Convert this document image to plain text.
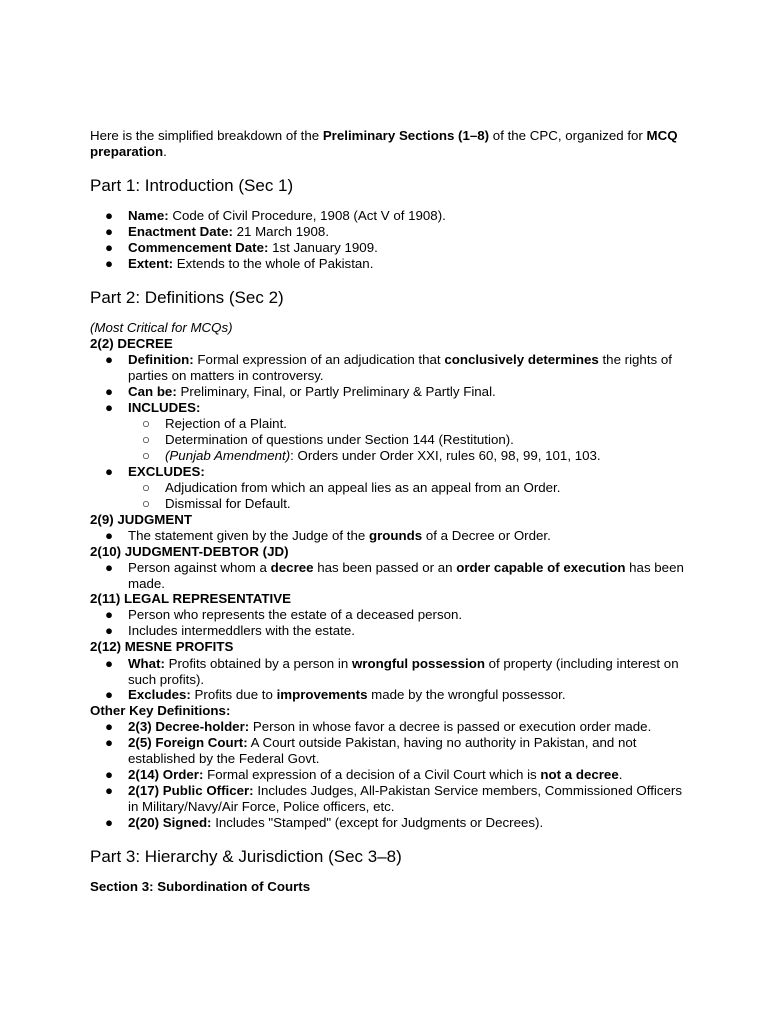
Here is the simplified breakdown of the Preliminary Sections (1–8) of the CPC, organized for MCQ preparation.

Part 1: Introduction (Sec 1)

● Name: Code of Civil Procedure, 1908 (Act V of 1908).

● Enactment Date: 21 March 1908.

● Commencement Date: 1st January 1909.

● Extent: Extends to the whole of Pakistan.

Part 2: Definitions (Sec 2)

(Most Critical for MCQs)

2(2) DECREE

● Definition: Formal expression of an adjudication that conclusively determines the rights of parties on matters in controversy.

● Can be: Preliminary, Final, or Partly Preliminary & Partly Final.

● INCLUDES:

○ Rejection of a Plaint.

○ Determination of questions under Section 144 (Restitution).

○ (Punjab Amendment): Orders under Order XXI, rules 60, 98, 99, 101, 103.

● EXCLUDES:

○ Adjudication from which an appeal lies as an appeal from an Order.

○ Dismissal for Default.

2(9) JUDGMENT

● The statement given by the Judge of the grounds of a Decree or Order.

2(10) JUDGMENT-DEBTOR (JD)

● Person against whom a decree has been passed or an order capable of execution has been made.

2(11) LEGAL REPRESENTATIVE

● Person who represents the estate of a deceased person.

● Includes intermeddlers with the estate.

2(12) MESNE PROFITS

● What: Profits obtained by a person in wrongful possession of property (including interest on such profits).

● Excludes: Profits due to improvements made by the wrongful possessor.

Other Key Definitions:

● 2(3) Decree-holder: Person in whose favor a decree is passed or execution order made.

● 2(5) Foreign Court: A Court outside Pakistan, having no authority in Pakistan, and not established by the Federal Govt.

● 2(14) Order: Formal expression of a decision of a Civil Court which is not a decree.

● 2(17) Public Officer: Includes Judges, All-Pakistan Service members, Commissioned Officers in Military/Navy/Air Force, Police officers, etc.

● 2(20) Signed: Includes "Stamped" (except for Judgments or Decrees).

Part 3: Hierarchy & Jurisdiction (Sec 3–8)

Section 3: Subordination of Courts
